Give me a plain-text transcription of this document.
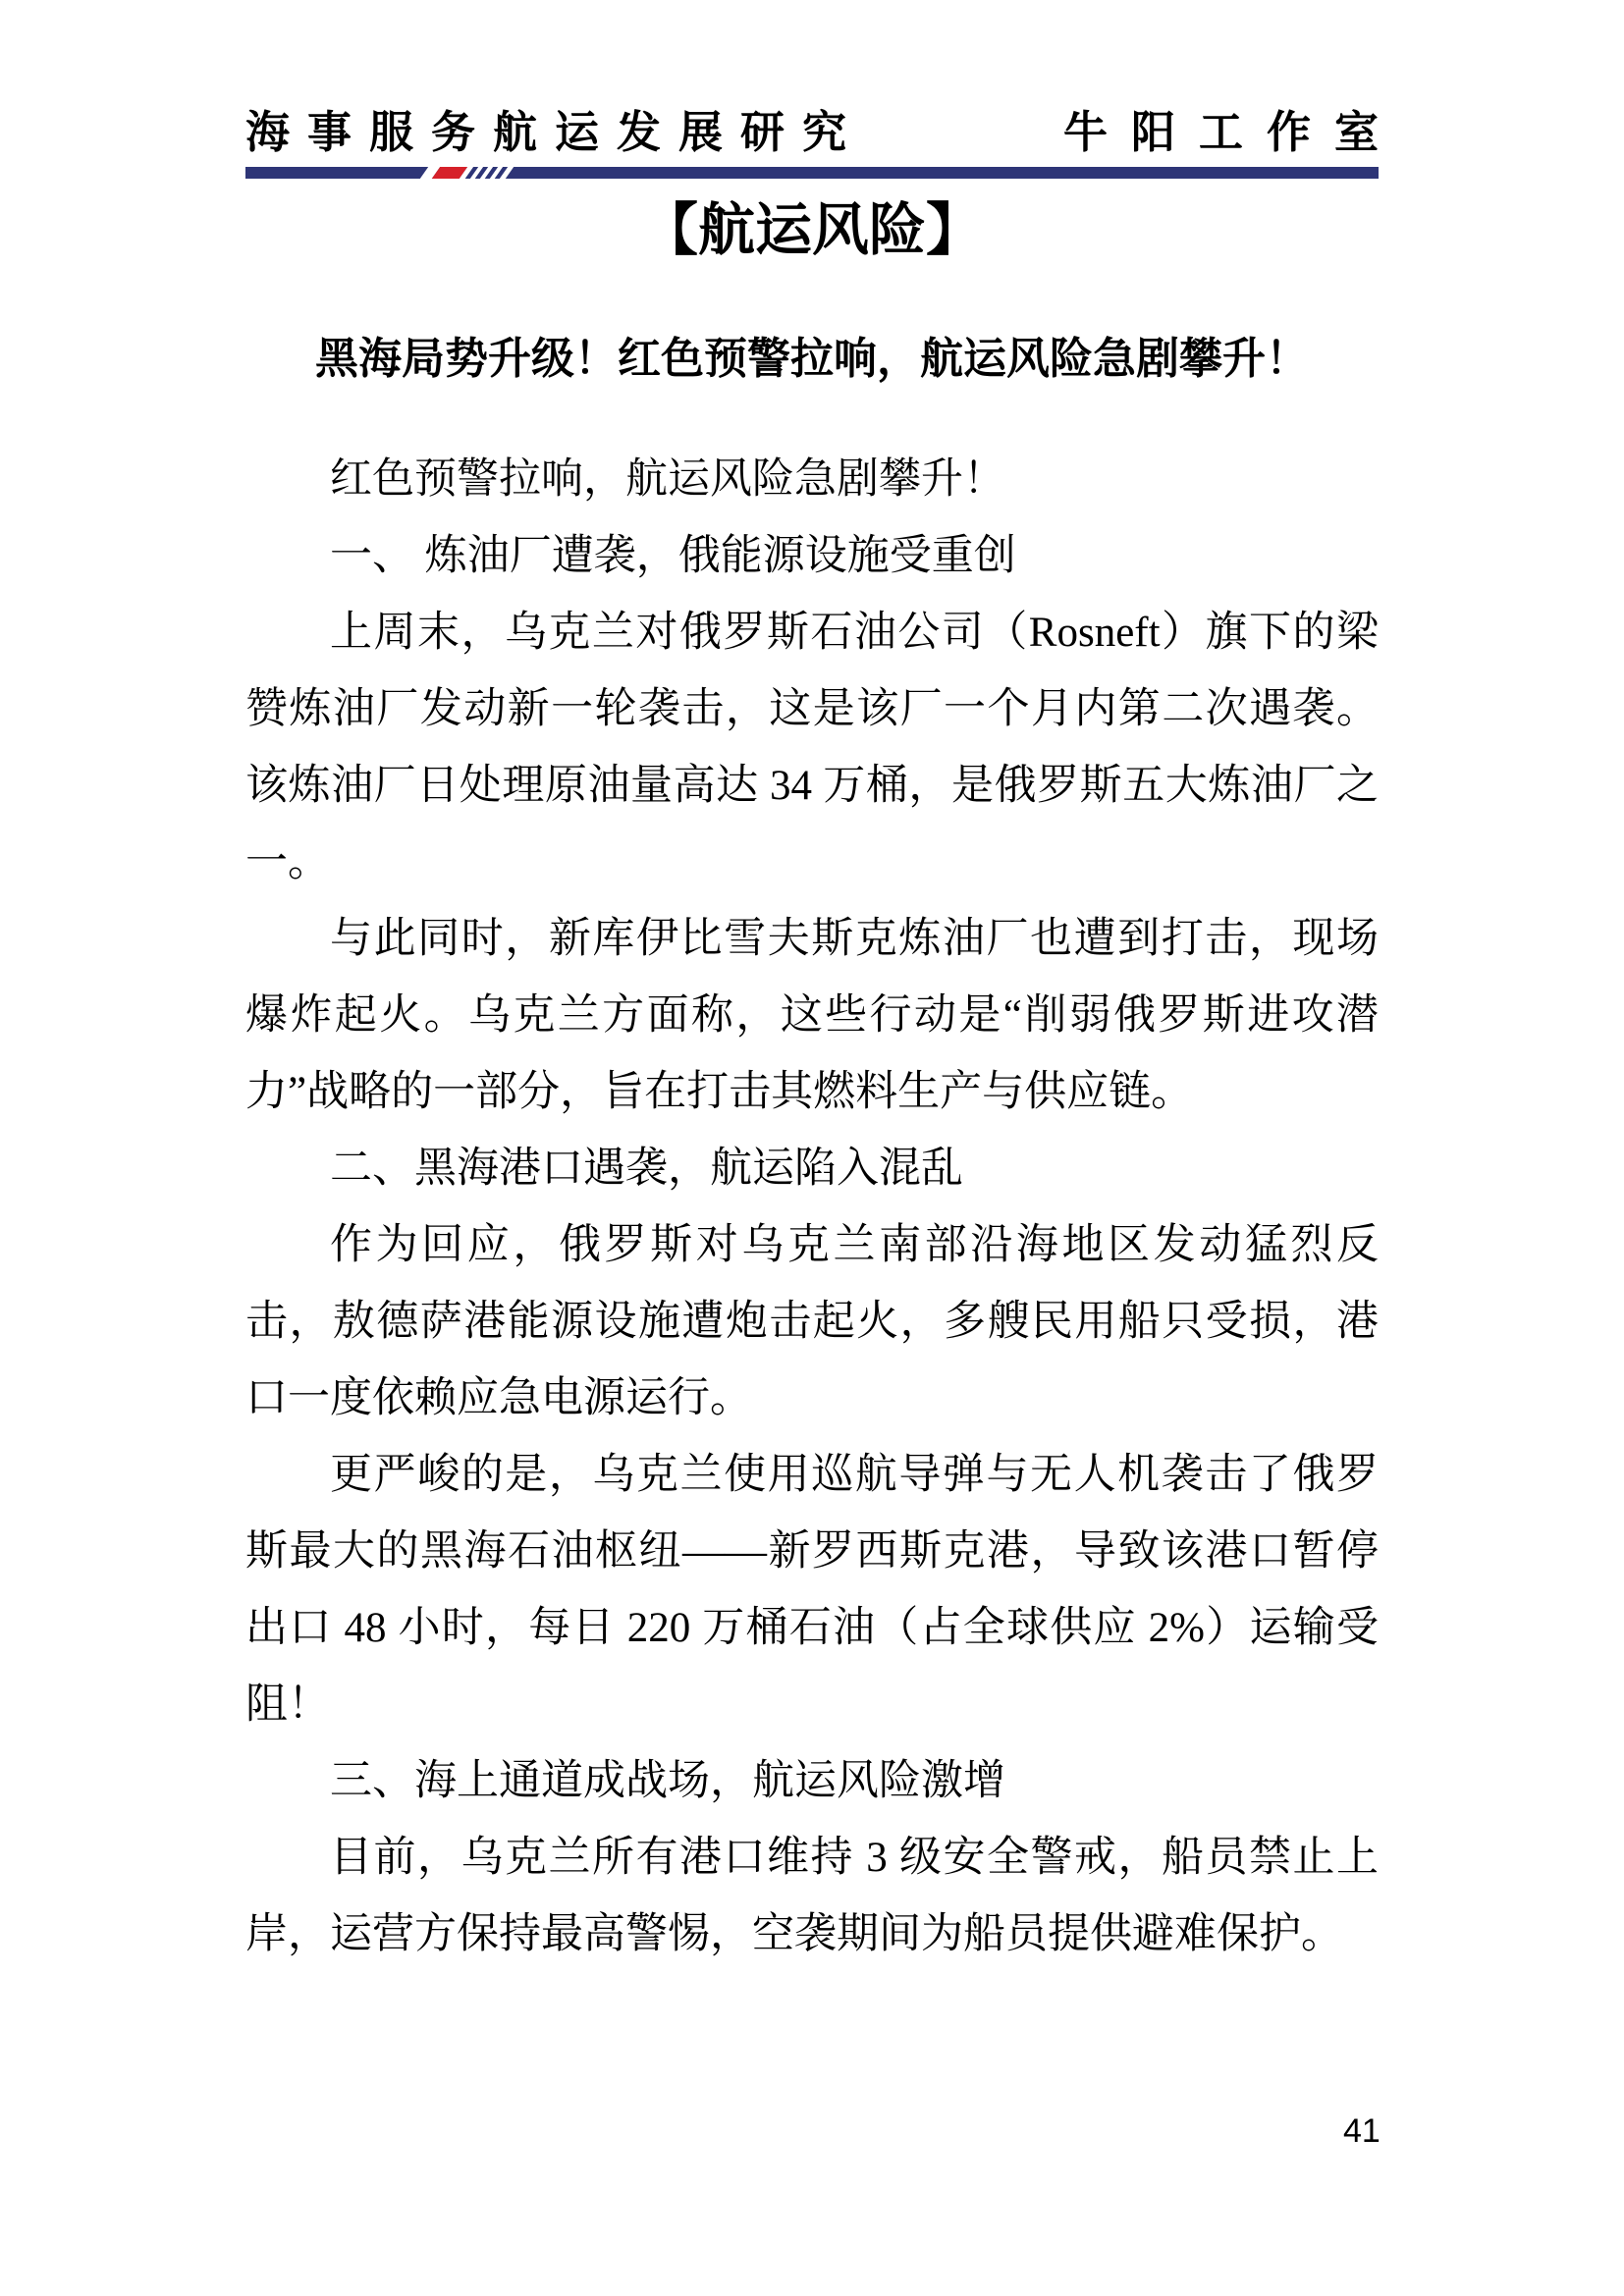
海事服务航运发展研究	牛阳工作室
【航运风险】
黑海局势升级！红色预警拉响，航运风险急剧攀升！

红色预警拉响，航运风险急剧攀升！

一、 炼油厂遭袭，俄能源设施受重创

上周末，乌克兰对俄罗斯石油公司（Rosneft）旗下的梁赞炼油厂发动新一轮袭击，这是该厂一个月内第二次遇袭。该炼油厂日处理原油量高达 34 万桶，是俄罗斯五大炼油厂之一。

与此同时，新库伊比雪夫斯克炼油厂也遭到打击，现场爆炸起火。乌克兰方面称，这些行动是“削弱俄罗斯进攻潜力”战略的一部分，旨在打击其燃料生产与供应链。

二、黑海港口遇袭，航运陷入混乱

作为回应，俄罗斯对乌克兰南部沿海地区发动猛烈反击，敖德萨港能源设施遭炮击起火，多艘民用船只受损，港口一度依赖应急电源运行。

更严峻的是，乌克兰使用巡航导弹与无人机袭击了俄罗斯最大的黑海石油枢纽——新罗西斯克港，导致该港口暂停出口 48 小时，每日 220 万桶石油（占全球供应 2%）运输受阻！

三、海上通道成战场，航运风险激增

目前，乌克兰所有港口维持 3 级安全警戒，船员禁止上岸，运营方保持最高警惕，空袭期间为船员提供避难保护。

41
